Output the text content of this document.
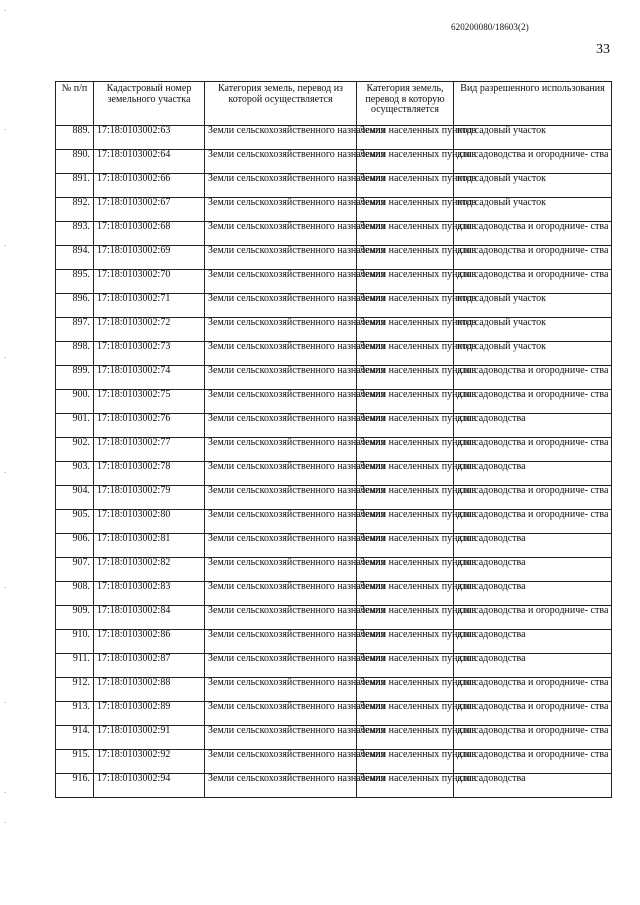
620200080/18603(2)
33
-
-
-
-
-
-
-
-
-
№ п/п	Кадастровый номер земельного участка	Категория земель, перевод из которой осуществляется	Категория земель, перевод в которую осуществляется	Вид разрешенного использования
889.	17:18:0103002:63	Земли сельскохозяйственного назначения	Земли населенных пунктов	под садовый участок
890.	17:18:0103002:64	Земли сельскохозяйственного назначения	Земли населенных пунктов	для садоводства и огородниче- ства
891.	17:18:0103002:66	Земли сельскохозяйственного назначения	Земли населенных пунктов	под садовый участок
892.	17:18:0103002:67	Земли сельскохозяйственного назначения	Земли населенных пунктов	под садовый участок
893.	17:18:0103002:68	Земли сельскохозяйственного назначения	Земли населенных пунктов	для садоводства и огородниче- ства
894.	17:18:0103002:69	Земли сельскохозяйственного назначения	Земли населенных пунктов	для садоводства и огородниче- ства
895.	17:18:0103002:70	Земли сельскохозяйственного назначения	Земли населенных пунктов	для садоводства и огородниче- ства
896.	17:18:0103002:71	Земли сельскохозяйственного назначения	Земли населенных пунктов	под садовый участок
897.	17:18:0103002:72	Земли сельскохозяйственного назначения	Земли населенных пунктов	под садовый участок
898.	17:18:0103002:73	Земли сельскохозяйственного назначения	Земли населенных пунктов	под садовый участок
899.	17:18:0103002:74	Земли сельскохозяйственного назначения	Земли населенных пунктов	для садоводства и огородниче- ства
900.	17:18:0103002:75	Земли сельскохозяйственного назначения	Земли населенных пунктов	для садоводства и огородниче- ства
901.	17:18:0103002:76	Земли сельскохозяйственного назначения	Земли населенных пунктов	для садоводства
902.	17:18:0103002:77	Земли сельскохозяйственного назначения	Земли населенных пунктов	для садоводства и огородниче- ства
903.	17:18:0103002:78	Земли сельскохозяйственного назначения	Земли населенных пунктов	для садоводства
904.	17:18:0103002:79	Земли сельскохозяйственного назначения	Земли населенных пунктов	для садоводства и огородниче- ства
905.	17:18:0103002:80	Земли сельскохозяйственного назначения	Земли населенных пунктов	для садоводства и огородниче- ства
906.	17:18:0103002:81	Земли сельскохозяйственного назначения	Земли населенных пунктов	для садоводства
907.	17:18:0103002:82	Земли сельскохозяйственного назначения	Земли населенных пунктов	для садоводства
908.	17:18:0103002:83	Земли сельскохозяйственного назначения	Земли населенных пунктов	для садоводства
909.	17:18:0103002:84	Земли сельскохозяйственного назначения	Земли населенных пунктов	для садоводства и огородниче- ства
910.	17:18:0103002:86	Земли сельскохозяйственного назначения	Земли населенных пунктов	для садоводства
911.	17:18:0103002:87	Земли сельскохозяйственного назначения	Земли населенных пунктов	для садоводства
912.	17:18:0103002:88	Земли сельскохозяйственного назначения	Земли населенных пунктов	для садоводства и огородниче- ства
913.	17:18:0103002:89	Земли сельскохозяйственного назначения	Земли населенных пунктов	для садоводства и огородниче- ства
914.	17:18:0103002:91	Земли сельскохозяйственного назначения	Земли населенных пунктов	для садоводства и огородниче- ства
915.	17:18:0103002:92	Земли сельскохозяйственного назначения	Земли населенных пунктов	для садоводства и огородниче- ства
916.	17:18:0103002:94	Земли сельскохозяйственного назначения	Земли населенных пунктов	для садоводства
